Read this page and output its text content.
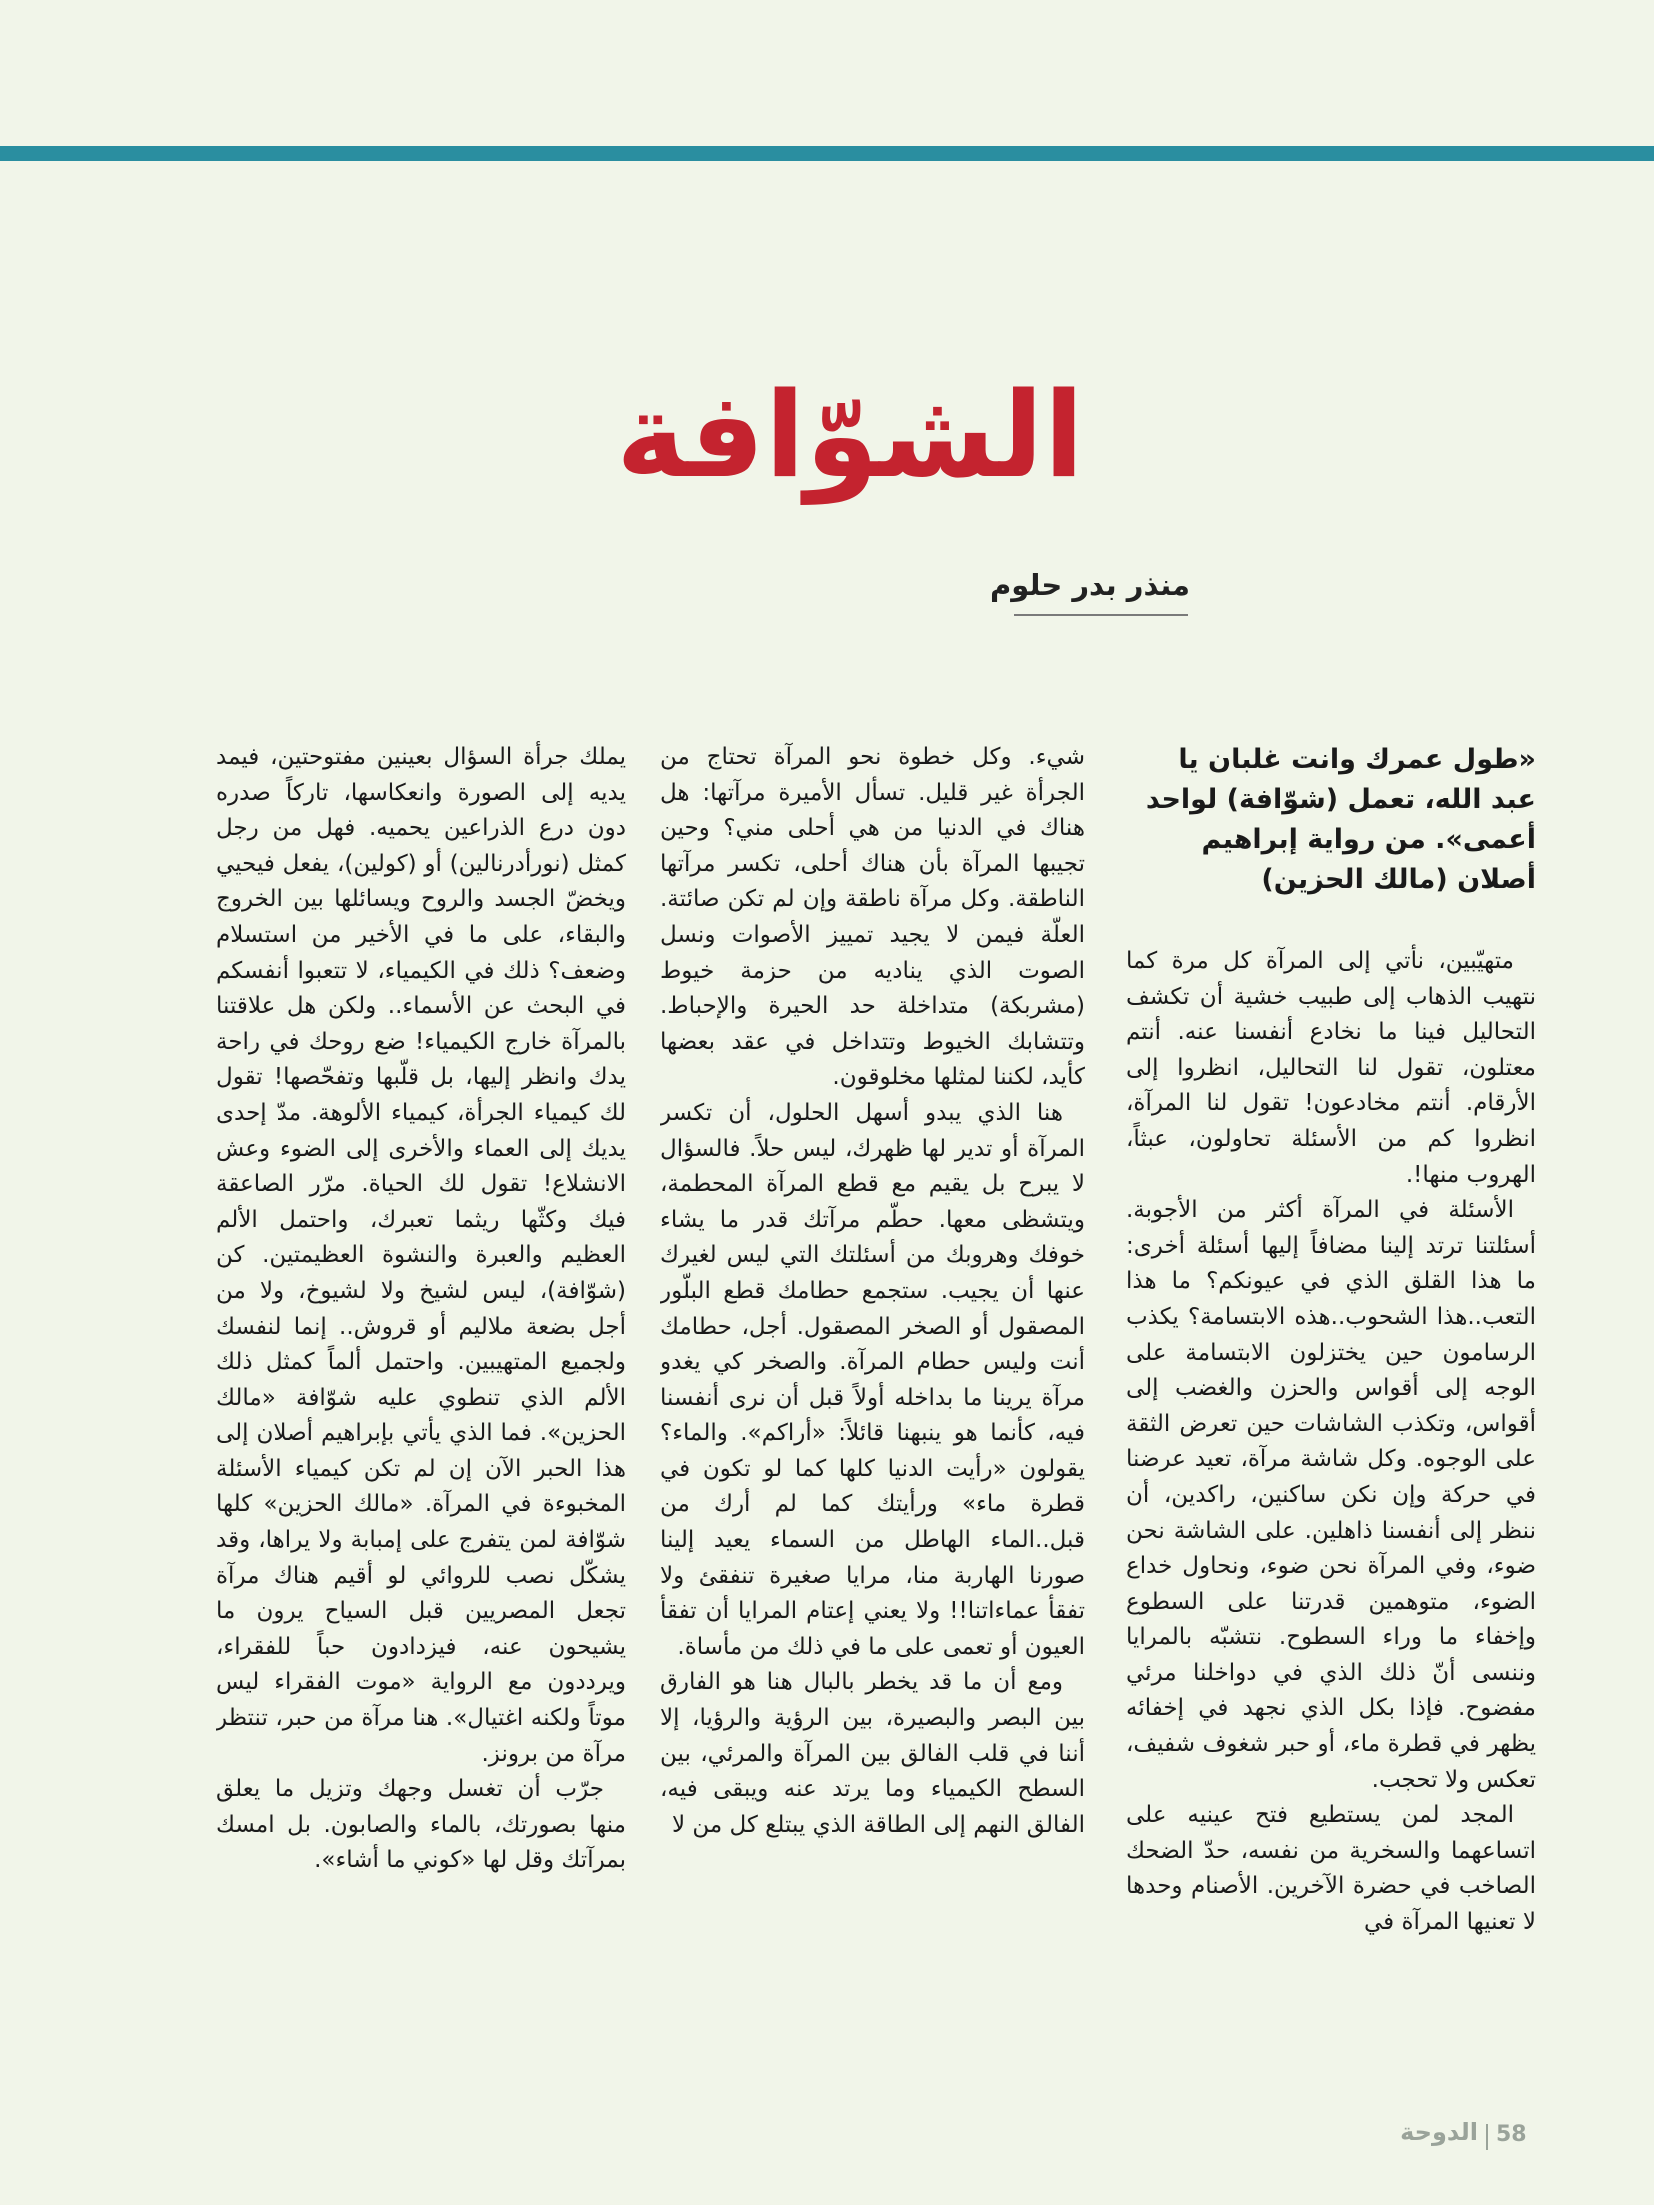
الشوّافة
منذر بدر حلوم

«طول عمرك وانت غلبان يا عبد الله، تعمل (شوّافة) لواحد أعمى». من رواية إبراهيم أصلان (مالك الحزين)

متهيّبين، نأتي إلى المرآة كل مرة كما نتهيب الذهاب إلى طبيب خشية أن تكشف التحاليل فينا ما نخادع أنفسنا عنه. أنتم معتلون، تقول لنا التحاليل، انظروا إلى الأرقام. أنتم مخادعون! تقول لنا المرآة، انظروا كم من الأسئلة تحاولون، عبثاً، الهروب منها!.

الأسئلة في المرآة أكثر من الأجوبة. أسئلتنا ترتد إلينا مضافاً إليها أسئلة أخرى: ما هذا القلق الذي في عيونكم؟ ما هذا التعب..هذا الشحوب..هذه الابتسامة؟ يكذب الرسامون حين يختزلون الابتسامة على الوجه إلى أقواس والحزن والغضب إلى أقواس، وتكذب الشاشات حين تعرض الثقة على الوجوه. وكل شاشة مرآة، تعيد عرضنا في حركة وإن نكن ساكنين، راكدين، أن ننظر إلى أنفسنا ذاهلين. على الشاشة نحن ضوء، وفي المرآة نحن ضوء، ونحاول خداع الضوء، متوهمين قدرتنا على السطوع وإخفاء ما وراء السطوح. نتشبّه بالمرايا وننسى أنّ ذلك الذي في دواخلنا مرئي مفضوح. فإذا بكل الذي نجهد في إخفائه يظهر في قطرة ماء، أو حبر شغوف شفيف، تعكس ولا تحجب.

المجد لمن يستطيع فتح عينيه على اتساعهما والسخرية من نفسه، حدّ الضحك الصاخب في حضرة الآخرين. الأصنام وحدها لا تعنيها المرآة في

شيء. وكل خطوة نحو المرآة تحتاج من الجرأة غير قليل. تسأل الأميرة مرآتها: هل هناك في الدنيا من هي أحلى مني؟ وحين تجيبها المرآة بأن هناك أحلى، تكسر مرآتها الناطقة. وكل مرآة ناطقة وإن لم تكن صائتة. العلّة فيمن لا يجيد تمييز الأصوات ونسل الصوت الذي يناديه من حزمة خيوط (مشربكة) متداخلة حد الحيرة والإحباط. وتتشابك الخيوط وتتداخل في عقد بعضها كأيد، لكننا لمثلها مخلوقون.

هنا الذي يبدو أسهل الحلول، أن تكسر المرآة أو تدير لها ظهرك، ليس حلاً. فالسؤال لا يبرح بل يقيم مع قطع المرآة المحطمة، ويتشظى معها. حطّم مرآتك قدر ما يشاء خوفك وهروبك من أسئلتك التي ليس لغيرك عنها أن يجيب. ستجمع حطامك قطع البلّور المصقول أو الصخر المصقول. أجل، حطامك أنت وليس حطام المرآة. والصخر كي يغدو مرآة يرينا ما بداخله أولاً قبل أن نرى أنفسنا فيه، كأنما هو ينبهنا قائلاً: «أراكم». والماء؟ يقولون «رأيت الدنيا كلها كما لو تكون في قطرة ماء» ورأيتك كما لم أرك من قبل..الماء الهاطل من السماء يعيد إلينا صورنا الهاربة منا، مرايا صغيرة تنفقئ ولا تفقأ عماءاتنا!! ولا يعني إعتام المرايا أن تفقأ العيون أو تعمى على ما في ذلك من مأساة.

ومع أن ما قد يخطر بالبال هنا هو الفارق بين البصر والبصيرة، بين الرؤية والرؤيا، إلا أننا في قلب الفالق بين المرآة والمرئي، بين السطح الكيمياء وما يرتد عنه ويبقى فيه، الفالق النهم إلى الطاقة الذي يبتلع كل من لا

يملك جرأة السؤال بعينين مفتوحتين، فيمد يديه إلى الصورة وانعكاسها، تاركاً صدره دون درع الذراعين يحميه. فهل من رجل كمثل (نورأدرنالين) أو (كولين)، يفعل فيحيي ويخضّ الجسد والروح ويسائلها بين الخروج والبقاء، على ما في الأخير من استسلام وضعف؟ ذلك في الكيمياء، لا تتعبوا أنفسكم في البحث عن الأسماء.. ولكن هل علاقتنا بالمرآة خارج الكيمياء! ضع روحك في راحة يدك وانظر إليها، بل قلّبها وتفحّصها! تقول لك كيمياء الجرأة، كيمياء الألوهة. مدّ إحدى يديك إلى العماء والأخرى إلى الضوء وعش الانشلاع! تقول لك الحياة. مرّر الصاعقة فيك وكثّها ريثما تعبرك، واحتمل الألم العظيم والعبرة والنشوة العظيمتين. كن (شوّافة)، ليس لشيخ ولا لشيوخ، ولا من أجل بضعة ملاليم أو قروش.. إنما لنفسك ولجميع المتهيبين. واحتمل ألماً كمثل ذلك الألم الذي تنطوي عليه شوّافة «مالك الحزين». فما الذي يأتي بإبراهيم أصلان إلى هذا الحبر الآن إن لم تكن كيمياء الأسئلة المخبوءة في المرآة. «مالك الحزين» كلها شوّافة لمن يتفرج على إمبابة ولا يراها، وقد يشكّل نصب للروائي لو أقيم هناك مرآة تجعل المصريين قبل السياح يرون ما يشيحون عنه، فيزدادون حباً للفقراء، ويرددون مع الرواية «موت الفقراء ليس موتاً ولكنه اغتيال». هنا مرآة من حبر، تنتظر مرآة من برونز.

جرّب أن تغسل وجهك وتزيل ما يعلق منها بصورتك، بالماء والصابون. بل امسك بمرآتك وقل لها «كوني ما أشاء».

الدوحة 58
